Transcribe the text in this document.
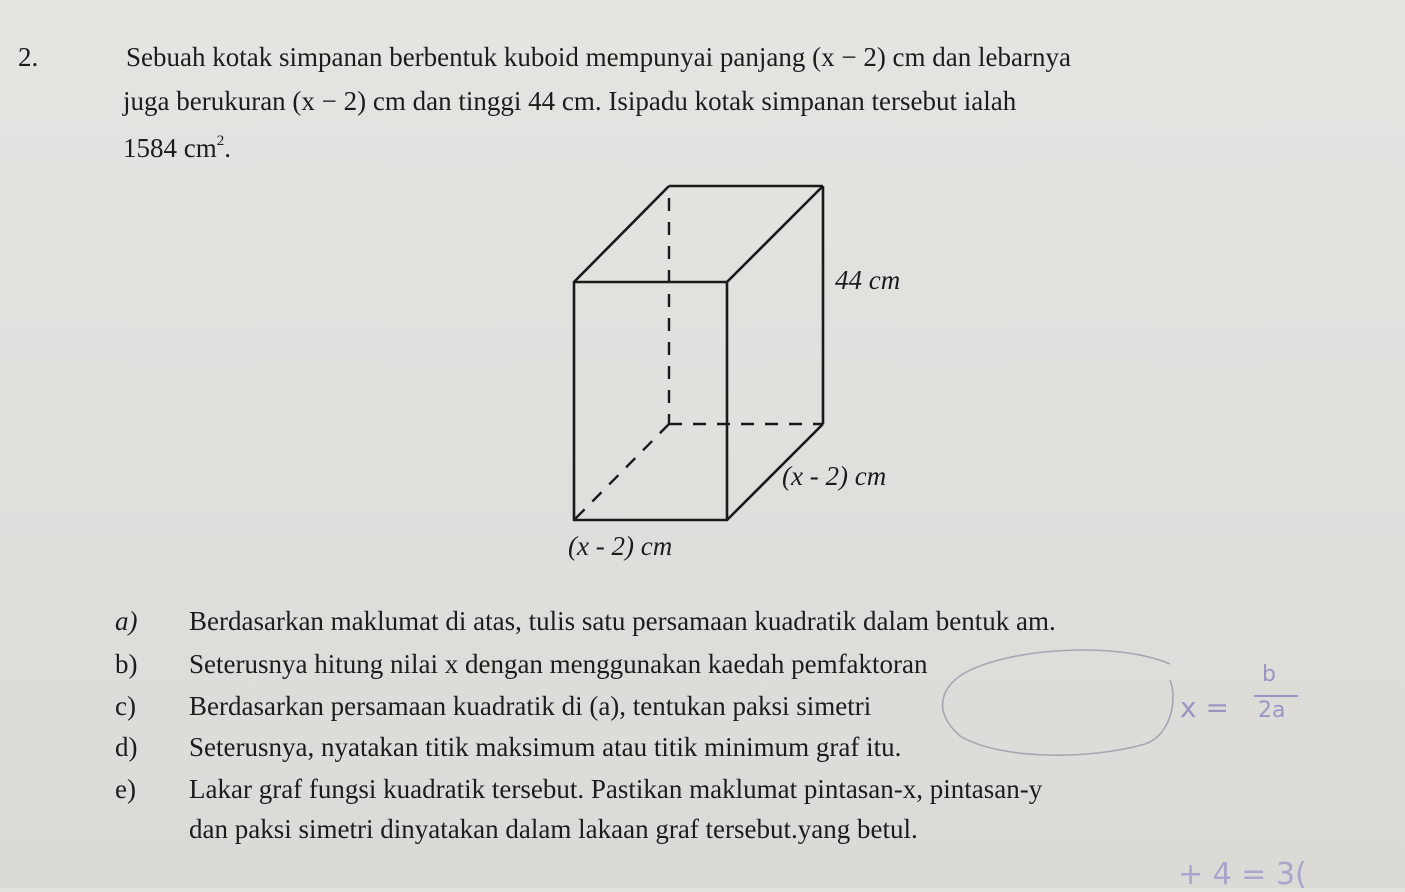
2.	Sebuah kotak simpanan berbentuk kuboid mempunyai panjang (x − 2) cm dan lebarnya
juga berukuran (x − 2) cm dan tinggi 44 cm. Isipadu kotak simpanan tersebut ialah
1584 $cm^2$.
44 cm
(x - 2) cm
(x - 2) cm
a) Berdasarkan maklumat di atas, tulis satu persamaan kuadratik dalam bentuk am.
b) Seterusnya hitung nilai x dengan menggunakan kaedah pemfaktoran
c) Berdasarkan persamaan kuadratik di (a), tentukan paksi simetri
d) Seterusnya, nyatakan titik maksimum atau titik minimum graf itu.
e) Lakar graf fungsi kuadratik tersebut. Pastikan maklumat pintasan-x, pintasan-y
dan paksi simetri dinyatakan dalam lakaan graf tersebut.yang betul.
x =
b
2a
+ 4 = 3(
